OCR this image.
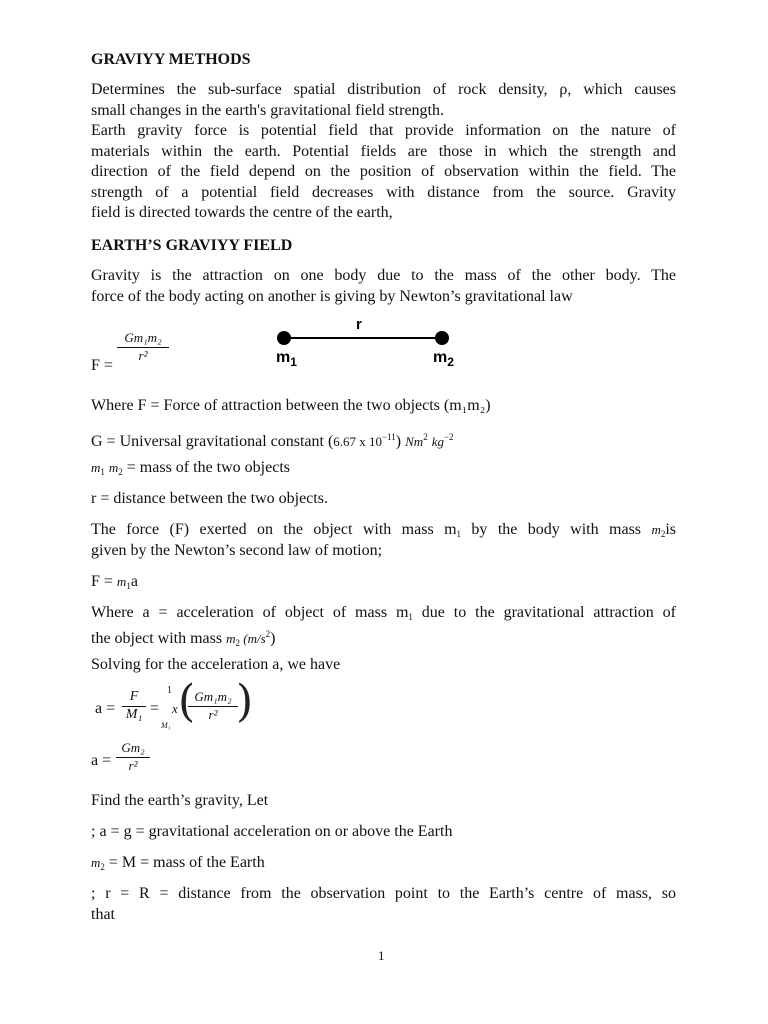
GRAVIYY METHODS
Determines the sub-surface spatial distribution of rock density, ρ, which causes
small changes in the earth's gravitational field strength.
Earth gravity force is potential field that provide information on the nature of
materials within the earth. Potential fields are those in which the strength and
direction of the field depend on the position of observation within the field. The
strength of a potential field decreases with distance from the source. Gravity
field is directed towards the centre of the earth,
EARTH’S GRAVIYY FIELD
Gravity is the attraction on one body due to the mass of the other body. The
force of the body acting on another is giving by Newton’s gravitational law
F =
$\frac{\text{Gm₁m₂}}{\text{r²}}$
r
$m_1$	$m_2$
Where F = Force of attraction between the two objects (m₁m₂)
G = Universal gravitational constant (6.67 x $10^{-11}$) Nm$^2$ $kg^{-2}$
$m_1$ $m_2$ = mass of the two objects
r = distance between the two objects.
The force (F) exerted on the object with mass $m_1$ by the body with mass $m_2is$
given by the Newton’s second law of motion;
$F = m_1a$
Where a = acceleration of object of mass $m_1$ due to the gravitational attraction of
the object with mass $m_2$ $(m/s^2)$
Solving for the acceleration a, we have
$a = \frac{F}{\text{M₁}}$ =
1
x
M₁ (
$\frac{\text{Gm₁m₂}}{\text{r²}}$
)
$a = \frac{\text{Gm₂}}{\text{r²}}$
Find the earth’s gravity, Let
; a = g = gravitational acceleration on or above the Earth
$m_2 = M$ = mass of the Earth
; r = R = distance from the observation point to the Earth’s centre of mass, so
that
1
